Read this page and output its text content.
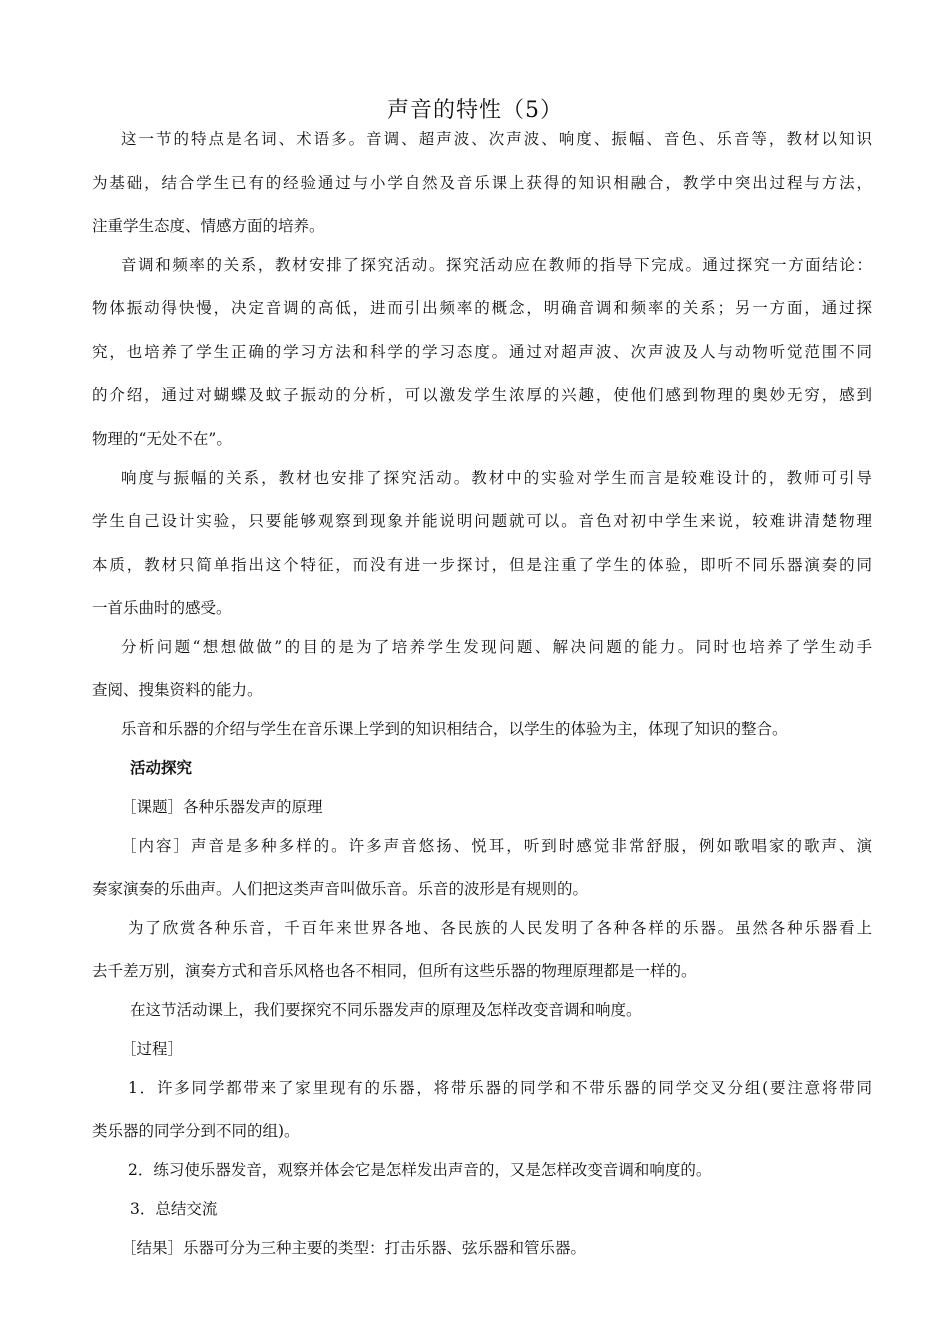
声音的特性（5）

这一节的特点是名词、术语多。音调、超声波、次声波、响度、振幅、音色、乐音等，教材以知识

为基础，结合学生已有的经验通过与小学自然及音乐课上获得的知识相融合，教学中突出过程与方法，

注重学生态度、情感方面的培养。

音调和频率的关系，教材安排了探究活动。探究活动应在教师的指导下完成。通过探究一方面结论：

物体振动得快慢，决定音调的高低，进而引出频率的概念，明确音调和频率的关系；另一方面，通过探

究，也培养了学生正确的学习方法和科学的学习态度。通过对超声波、次声波及人与动物听觉范围不同

的介绍，通过对蝴蝶及蚊子振动的分析，可以激发学生浓厚的兴趣，使他们感到物理的奥妙无穷，感到

物理的“无处不在”。

响度与振幅的关系，教材也安排了探究活动。教材中的实验对学生而言是较难设计的，教师可引导

学生自己设计实验，只要能够观察到现象并能说明问题就可以。音色对初中学生来说，较难讲清楚物理

本质，教材只简单指出这个特征，而没有进一步探讨，但是注重了学生的体验，即听不同乐器演奏的同

一首乐曲时的感受。

分析问题“想想做做”的目的是为了培养学生发现问题、解决问题的能力。同时也培养了学生动手

查阅、搜集资料的能力。

乐音和乐器的介绍与学生在音乐课上学到的知识相结合，以学生的体验为主，体现了知识的整合。

活动探究

［课题］各种乐器发声的原理

［内容］声音是多种多样的。许多声音悠扬、悦耳，听到时感觉非常舒服，例如歌唱家的歌声、演

奏家演奏的乐曲声。人们把这类声音叫做乐音。乐音的波形是有规则的。

为了欣赏各种乐音，千百年来世界各地、各民族的人民发明了各种各样的乐器。虽然各种乐器看上

去千差万别，演奏方式和音乐风格也各不相同，但所有这些乐器的物理原理都是一样的。

在这节活动课上，我们要探究不同乐器发声的原理及怎样改变音调和响度。

［过程］

1．许多同学都带来了家里现有的乐器，将带乐器的同学和不带乐器的同学交叉分组(要注意将带同

类乐器的同学分到不同的组)。

2．练习使乐器发音，观察并体会它是怎样发出声音的，又是怎样改变音调和响度的。

3．总结交流

［结果］乐器可分为三种主要的类型：打击乐器、弦乐器和管乐器。
